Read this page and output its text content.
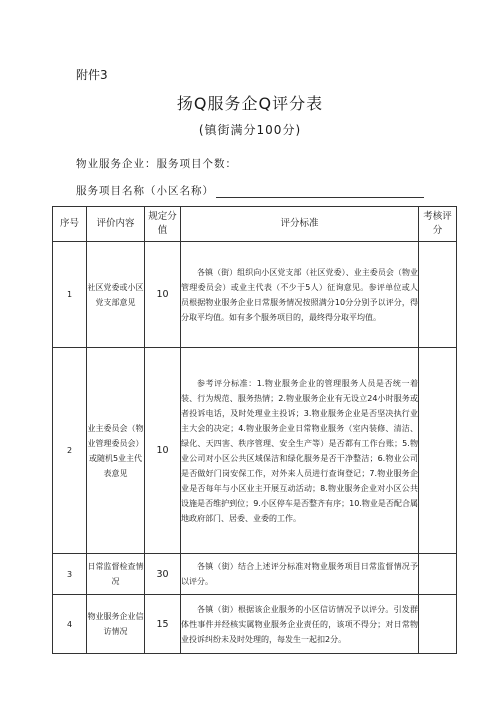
附件3
扬Q服务企Q评分表
(镇街满分100分)
物业服务企业：服务项目个数：
服务项目名称（小区名称）
序号	评价内容	规定分值	评分标准	考核评分
1	社区党委或小区党支部意见	10	各镇（街）组织向小区党支部（社区党委）、业主委员会（物业管理委员会）或业主代表（不少于5人）征询意见。参评单位或人员根据物业服务企业日常服务情况按照满分10分分别予以评分，得分取平均值。如有多个服务项目的，最终得分取平均值。	

2	业主委员会（物业管理委员会）或随机5业主代表意见	10	参考评分标准：1.物业服务企业的管理服务人员是否统一着装、行为规范、服务热情；2.物业服务企业有无设立24小时服务或者投诉电话，及时处理业主投诉；3.物业服务企业是否坚决执行业主大会的决定；4.物业服务企业日常物业服务（室内装修、清洁、绿化、天四害、秩序管理、安全生产等）是否都有工作台账；5.物业公司对小区公共区域保洁和绿化服务是否干净整洁；6.物业公司是否做好门岗安保工作，对外来人员进行查询登记；7.物业服务企业是否每年与小区业主开展互动活动；8.物业服务企业对小区公共设施是否维护到位；9.小区停车是否整齐有序；10.物业是否配合属地政府部门、居委、业委的工作。	

3	日常监督检查情况	30	各镇（街）结合上述评分标准对物业服务项目日常监督情况予以评分。	

4	物业服务企业信访情况	15	各镇（街）根据该企业服务的小区信访情况予以评分。引发群体性事件并经核实属物业服务企业责任的，该项不得分；对日常物业投诉纠纷未及时处理的，每发生一起扣2分。	
